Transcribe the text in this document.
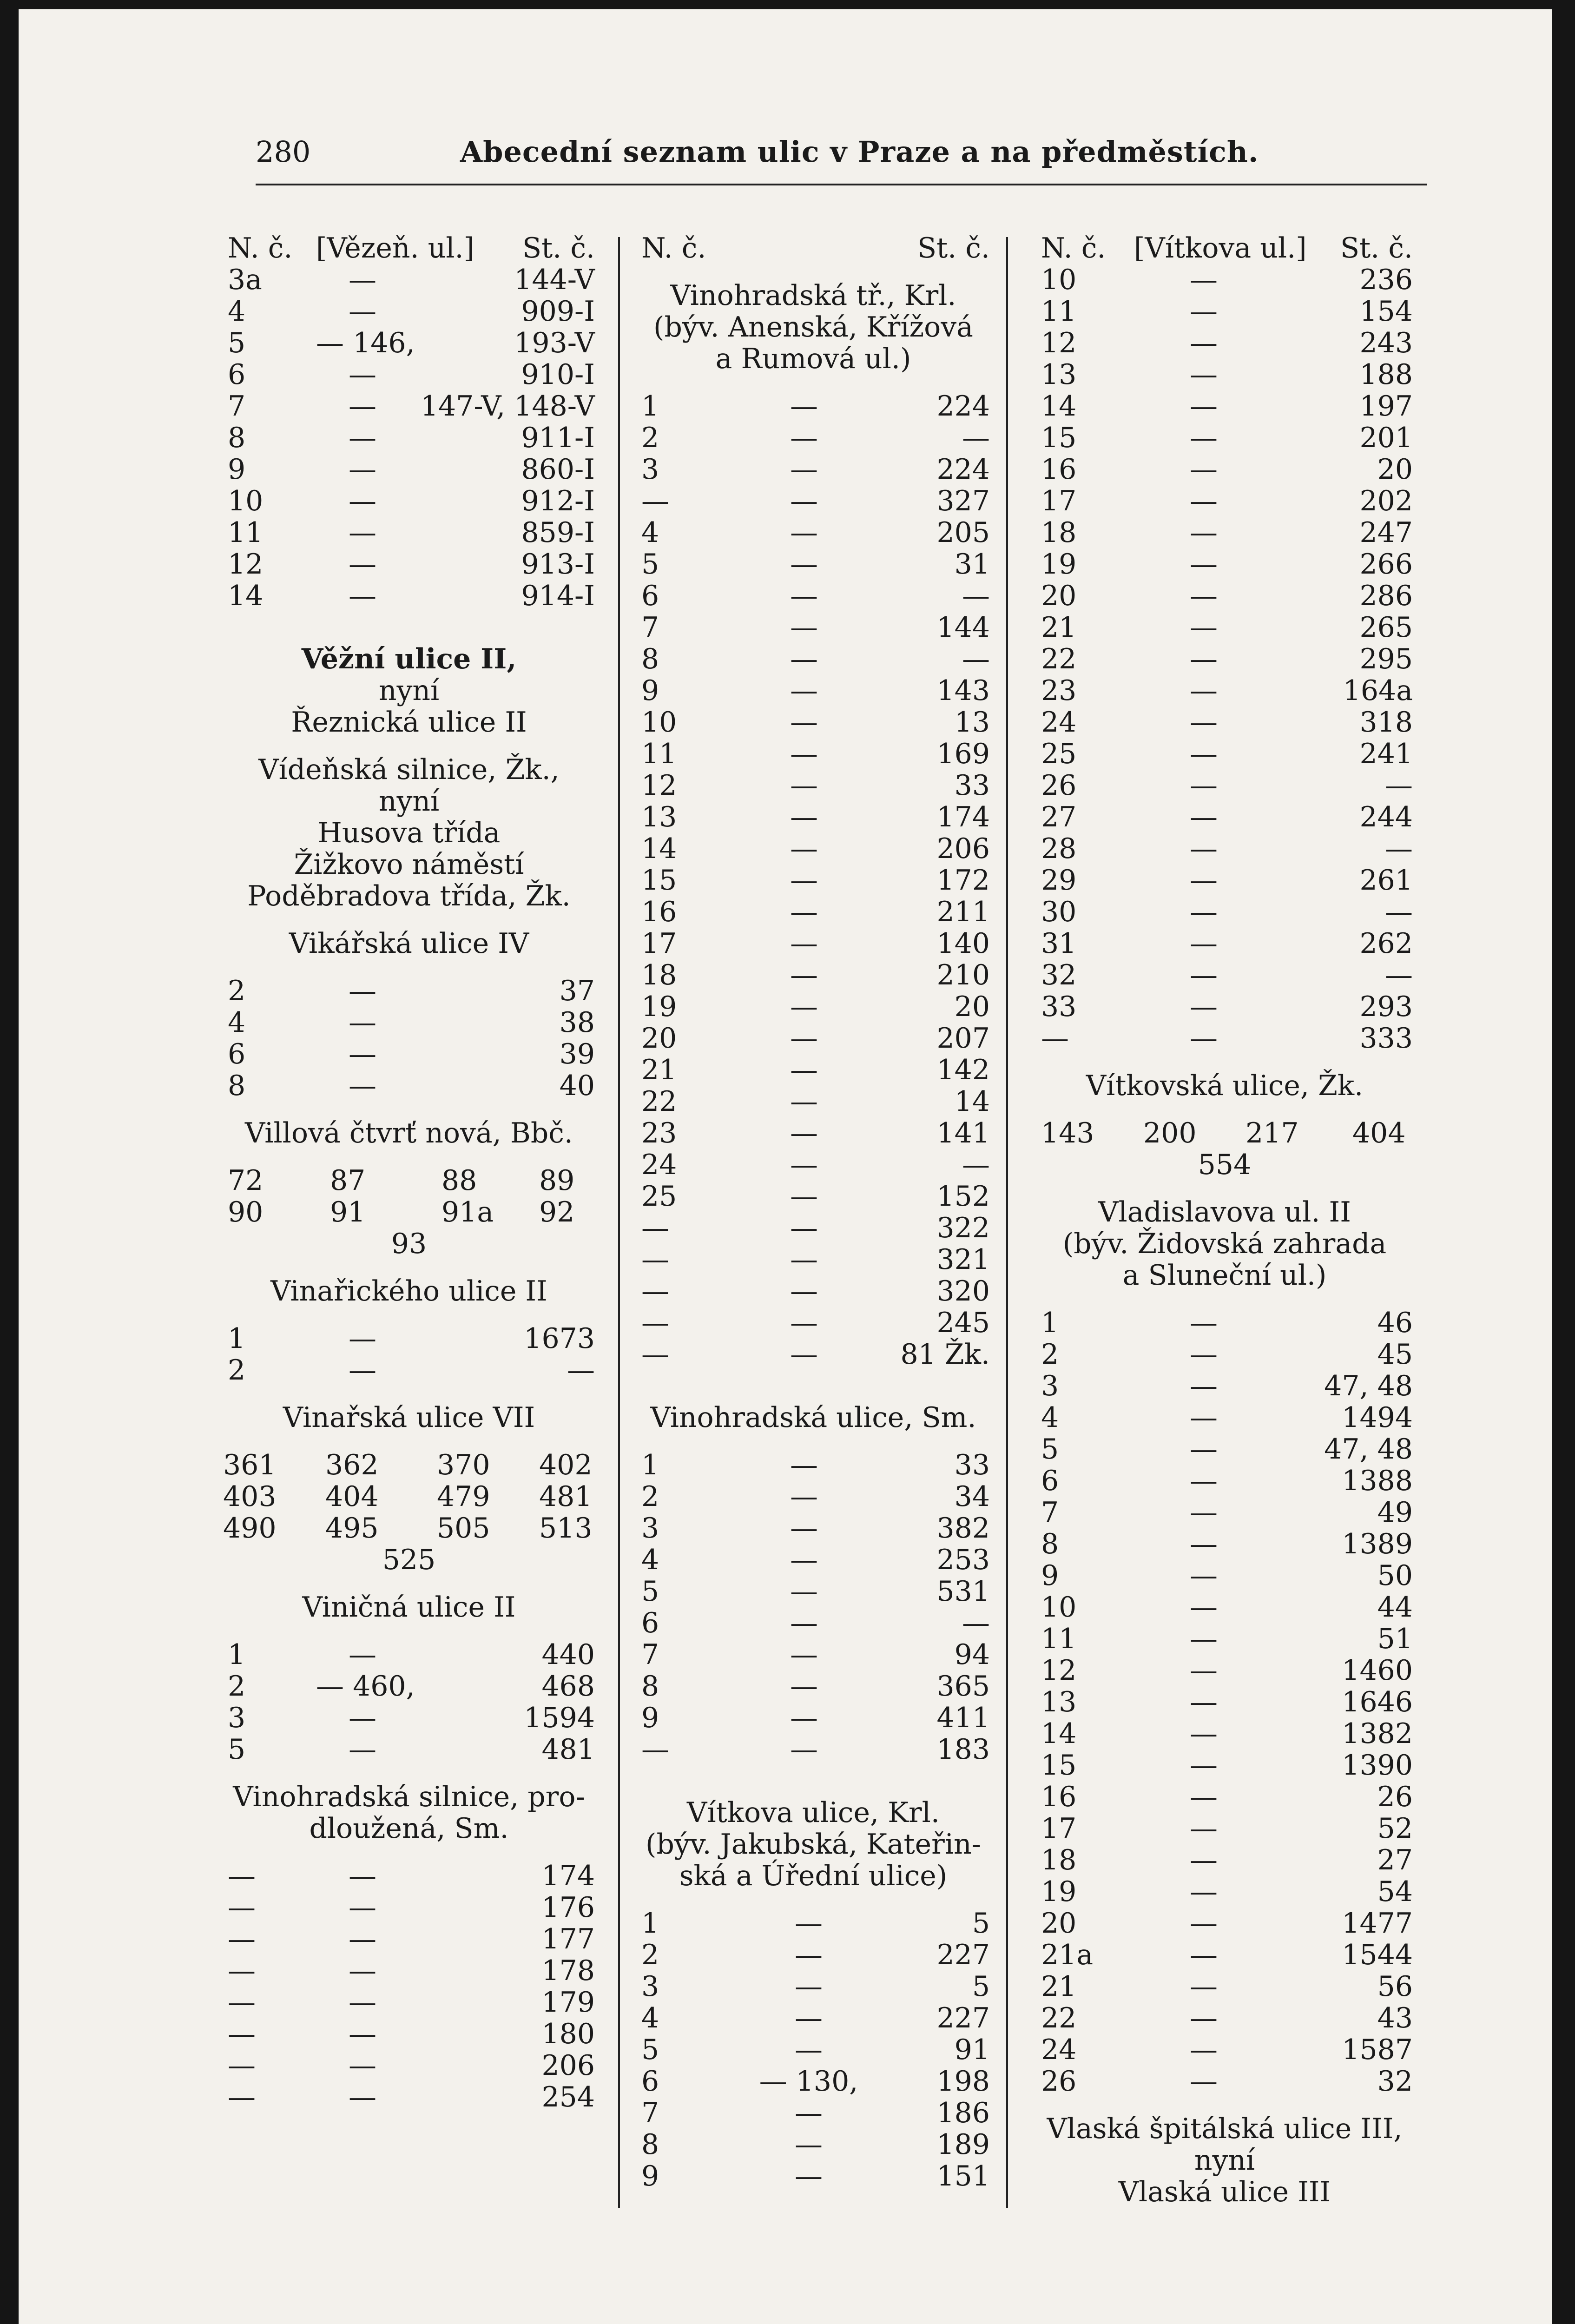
280	Abecední seznam ulic v Praze a na předměstích.
N. č. [Vězeň. ul.] St. č.
3a	—	144-V
4	—	909-I
5	— 146,	193-V
6	—	910-I
7	—	147-V, 148-V
8	—	911-I
9	—	860-I
10	—	912-I
11	—	859-I
12	—	913-I
14	—	914-I
Věžní ulice II,
nyní
Řeznická ulice II
Vídeňská silnice, Žk.,
nyní
Husova třída
Žižkovo náměstí
Poděbradova třída, Žk.
Vikářská ulice IV
2	—	37
4	—	38
6	—	39
8	—	40
Villová čtvrť nová, Bbč.
72 87	88 89
90 91	91a 92
93
Vinařického ulice II
1	—	1673
2	—	—
Vinařská ulice VII
361 362 370 402
403 404 479 481
490 495 505 513
525
Viničná ulice II
1	—	440
2	— 460,	468
3	—	1594
5	—	481
Vinohradská silnice, pro-
dloužená, Sm.
—	—	174
—	—	176
—	—	177
—	—	178
—	—	179
—	—	180
—	—	206
—	—	254
N. č.	St. č.
Vinohradská tř., Krl.
(býv. Anenská, Křížová
a Rumová ul.)
1	—	224
2	—	—
3	—	224
—	—	327
4	—	205
5	—	31
6	—	—
7	—	144
8	—	—
9	—	143
10	—	13
11	—	169
12	—	33
13	—	174
14	—	206
15	—	172
16	—	211
17	—	140
18	—	210
19	—	20
20	—	207
21	—	142
22	—	14
23	—	141
24	—	—
25	—	152
—	—	322
—	—	321
—	—	320
—	—	245
—	—	81 Žk.
Vinohradská ulice, Sm.
1	—	33
2	—	34
3	—	382
4	—	253
5	—	531
6	—	—
7	—	94
8	—	365
9	—	411
—	—	183
Vítkova ulice, Krl.
(býv. Jakubská, Kateřin-
ská a Úřední ulice)
1	—	5
2	—	227
3	—	5
4	—	227
5	—	91
6	— 130,	198
7	—	186
8	—	189
9	—	151
N. č. [Vítkova ul.] St. č.
10	—	236
11	—	154
12	—	243
13	—	188
14	—	197
15	—	201
16	—	20
17	—	202
18	—	247
19	—	266
20	—	286
21	—	265
22	—	295
23	—	164a
24	—	318
25	—	241
26	—	—
27	—	244
28	—	—
29	—	261
30	—	—
31	—	262
32	—	—
33	—	293
—	—	333
Vítkovská ulice, Žk.
143 200 217 404
554
Vladislavova ul. II
(býv. Židovská zahrada
a Sluneční ul.)
1	—	46
2	—	45
3	—	47, 48
4	—	1494
5	—	47, 48
6	—	1388
7	—	49
8	—	1389
9	—	50
10	—	44
11	—	51
12	—	1460
13	—	1646
14	—	1382
15	—	1390
16	—	26
17	—	52
18	—	27
19	—	54
20	—	1477
21a	—	1544
21	—	56
22	—	43
24	—	1587
26	—	32
Vlaská špitálská ulice III,
nyní
Vlaská ulice III
